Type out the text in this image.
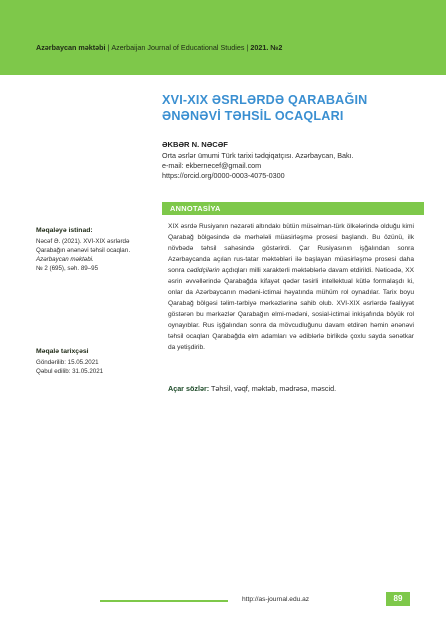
Azərbaycan məktəbi | Azerbaijan Journal of Educational Studies | 2021. №2
XVI-XIX ƏSRLƏRDƏ QARABAĞIN ƏNƏNƏVİ TƏHSİL OCAQLARI
ƏKBƏR N. NƏCƏF
Orta əsrlər ümumi Türk tarixi tədqiqatçısı. Azərbaycan, Bakı.
e-mail: ekbernecef@gmail.com
https://orcid.org/0000-0003-4075-0300
ANNOTASİYA

XIX əsrdə Rusiyanın nəzarəti altındakı bütün müsəlman-türk ölkələrində olduğu kimi Qarabağ bölgəsində də mərhələli müasirləşmə prosesi başlandı. Bu özünü, ilk növbədə təhsil sahəsində göstərirdi. Çar Rusiyasının işğalından sonra Azərbaycanda açılan rus-tatar məktəbləri ilə başlayan müasirləşmə prosesi daha sonra cədidçilərin açdıqları milli xarakterli məktəblərlə davam etdirildi. Nəticədə, XX əsrin əvvəllərində Qarabağda kifayət qədər təsirli intellektual kütlə formalaşdı ki, onlar da Azərbaycanın mədəni-ictimai həyatında mühüm rol oynadılar. Tarix boyu Qarabağ bölgəsi təlim-tərbiyə mərkəzlərinə sahib olub. XVI-XIX əsrlərdə fəaliyyət göstərən bu mərkəzlər Qarabağın elmi-mədəni, sosial-ictimai inkişafında böyük rol oynayıblar. Rus işğalından sonra da mövcudluğunu davam etdirən həmin ənənəvi təhsil ocaqları Qarabağda elm adamları və ədiblərlə birlikdə çoxlu sayda sənətkar da yetişdirib.

Açar sözlər: Təhsil, vəqf, məktəb, mədrəsə, məscid.
Məqaləyə istinad:
Nəcəf Ə. (2021). XVI-XIX əsrlərdə
Qarabağın ənənəvi təhsil ocaqları.
Azərbaycan məktəbi.
№ 2 (695), səh. 89–95
Məqalə tarixçəsi
Göndərilib: 15.05.2021
Qəbul edilib: 31.05.2021
http://as-journal.edu.az	89
